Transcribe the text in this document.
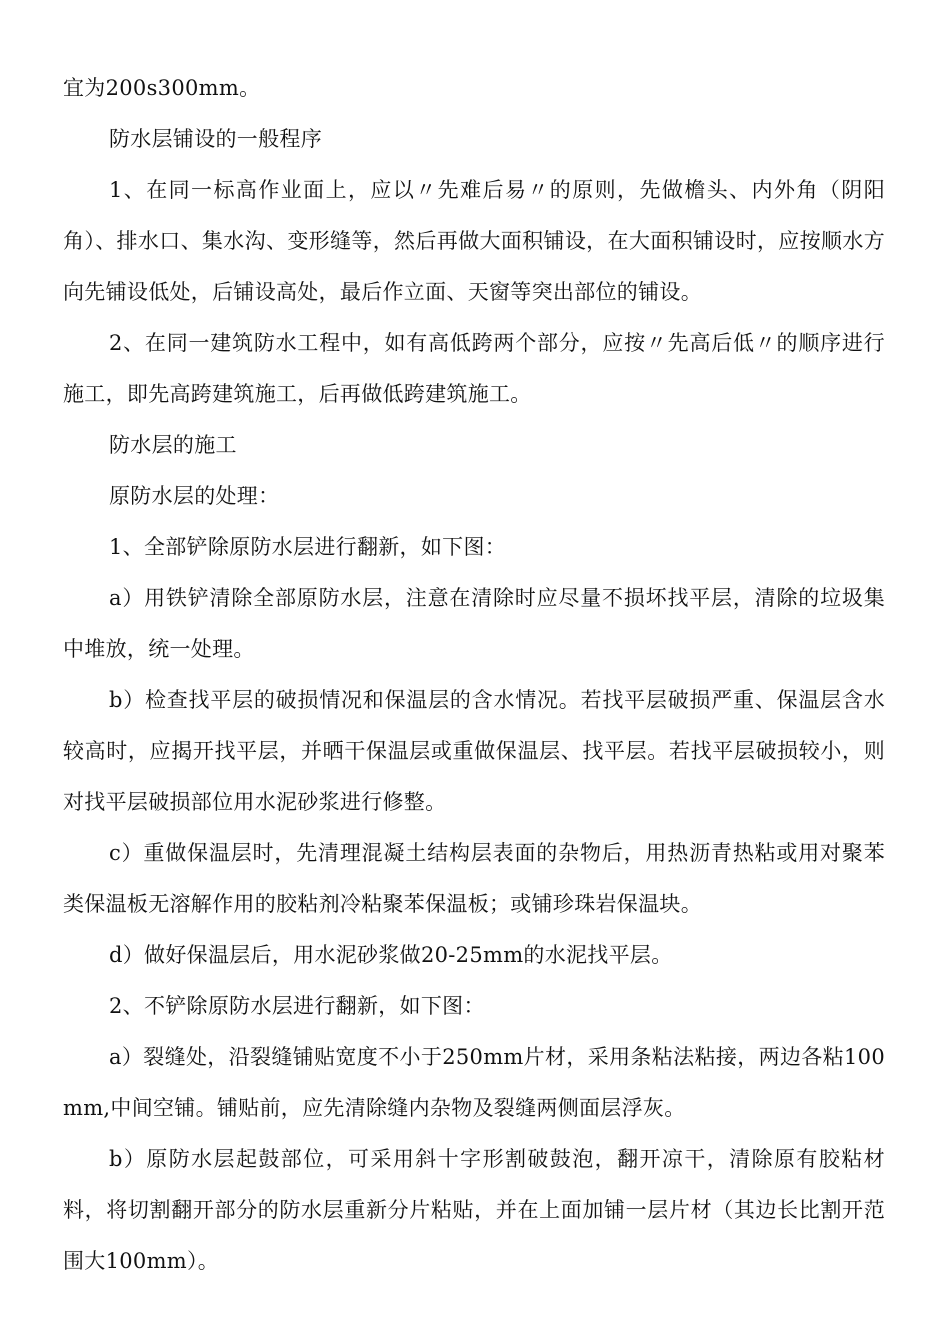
宜为200s300mm。

防水层铺设的一般程序

1、在同一标高作业面上，应以〃先难后易〃的原则，先做檐头、内外角（阴阳角）、排水口、集水沟、变形缝等，然后再做大面积铺设，在大面积铺设时，应按顺水方向先铺设低处，后铺设高处，最后作立面、天窗等突出部位的铺设。

2、在同一建筑防水工程中，如有高低跨两个部分，应按〃先高后低〃的顺序进行施工，即先高跨建筑施工，后再做低跨建筑施工。

防水层的施工

原防水层的处理：

1、全部铲除原防水层进行翻新，如下图：

a）用铁铲清除全部原防水层，注意在清除时应尽量不损坏找平层，清除的垃圾集中堆放，统一处理。

b）检查找平层的破损情况和保温层的含水情况。若找平层破损严重、保温层含水较高时，应揭开找平层，并晒干保温层或重做保温层、找平层。若找平层破损较小，则对找平层破损部位用水泥砂浆进行修整。

c）重做保温层时，先清理混凝土结构层表面的杂物后，用热沥青热粘或用对聚苯类保温板无溶解作用的胶粘剂冷粘聚苯保温板；或铺珍珠岩保温块。

d）做好保温层后，用水泥砂浆做20-25mm的水泥找平层。

2、不铲除原防水层进行翻新，如下图：

a）裂缝处，沿裂缝铺贴宽度不小于250mm片材，采用条粘法粘接，两边各粘100mm,中间空铺。铺贴前，应先清除缝内杂物及裂缝两侧面层浮灰。

b）原防水层起鼓部位，可采用斜十字形割破鼓泡，翻开凉干，清除原有胶粘材料，将切割翻开部分的防水层重新分片粘贴，并在上面加铺一层片材（其边长比割开范围大100mm）。
